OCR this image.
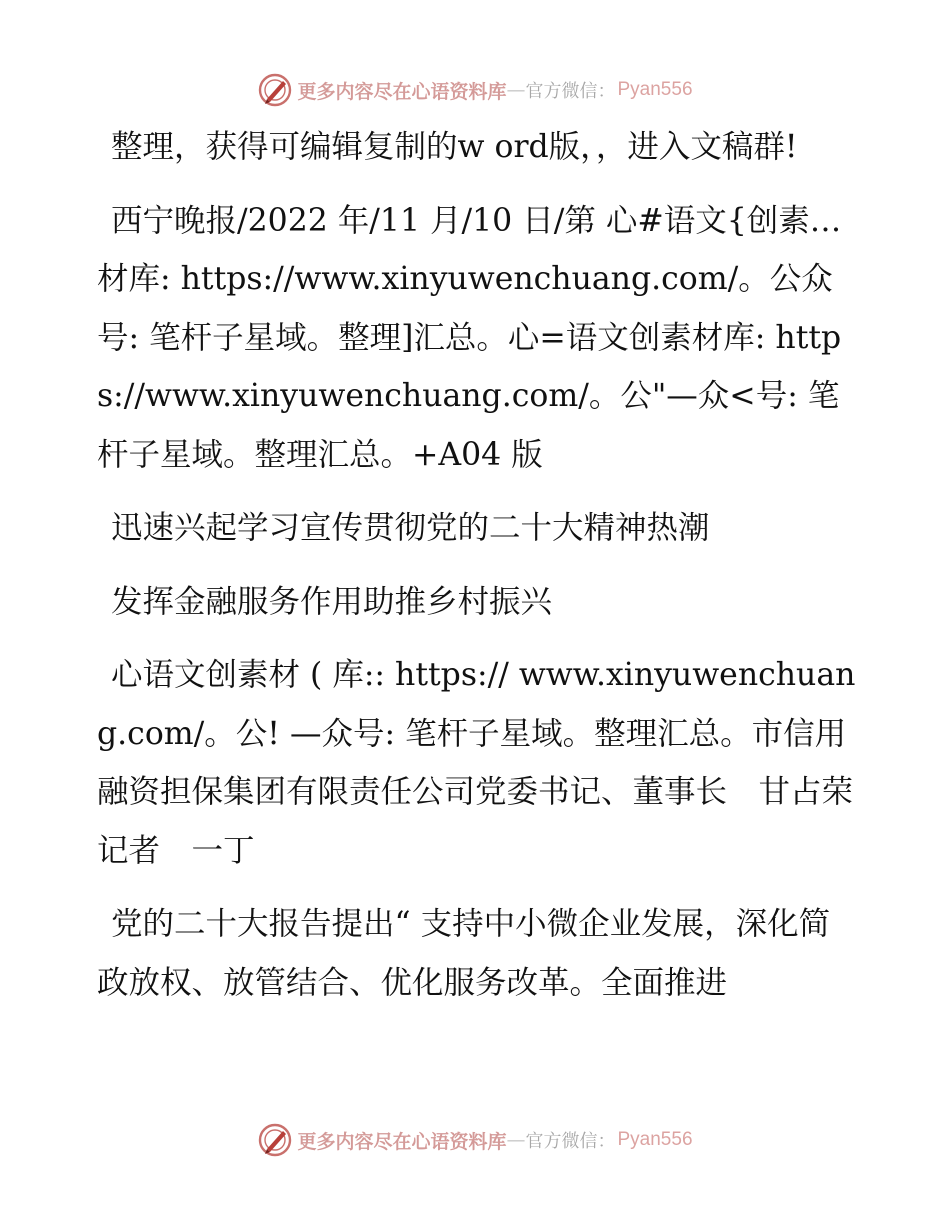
更多内容尽在心语资料库 — 官方微信： Pyan556

整理，获得可编辑复制的w ord版，，进入文稿群!

西宁晚报/2022 年/11 月/10 日/第 心#语文{创素…材库: https://www.xinyuwenchuang.com/。公众号: 笔杆子星域。整理]汇总。心=语文创素材库: https://www.xinyuwenchuang.com/。公"—众<号: 笔杆子星域。整理汇总。+A04 版

迅速兴起学习宣传贯彻党的二十大精神热潮

发挥金融服务作用助推乡村振兴

心语文创素材 ( 库:: https:// www.xinyuwenchuang.com/。公! —众号: 笔杆子星域。整理汇总。市信用融资担保集团有限责任公司党委书记、董事长　甘占荣　记者　一丁

党的二十大报告提出“ 支持中小微企业发展，深化简政放权、放管结合、优化服务改革。全面推进

更多内容尽在心语资料库 — 官方微信： Pyan556
